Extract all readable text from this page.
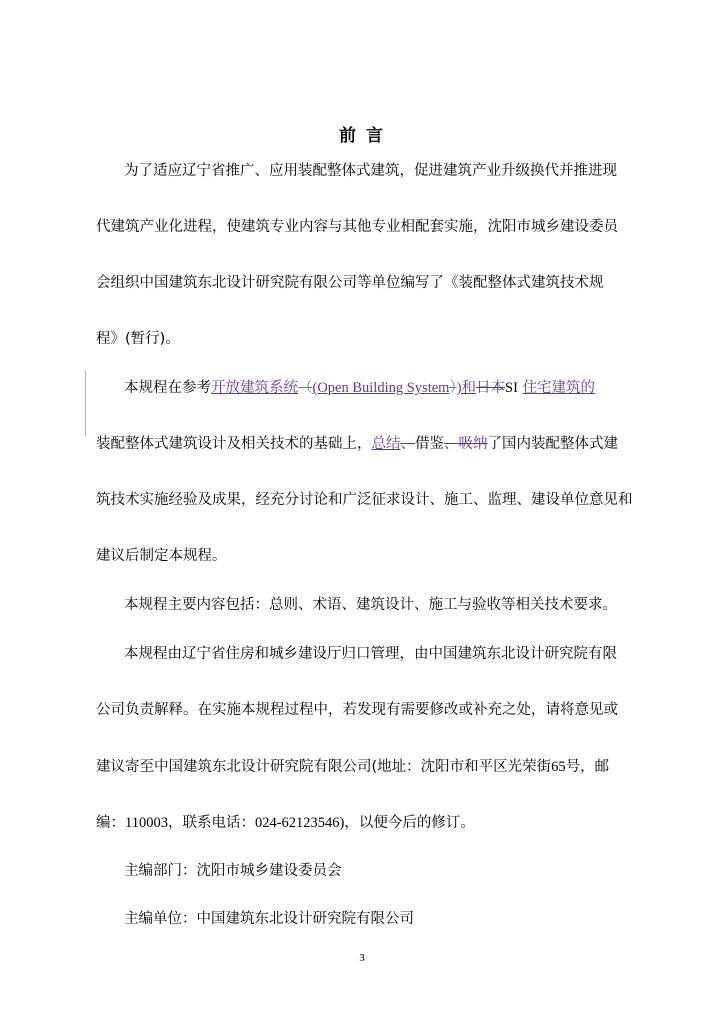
前 言
为了适应辽宁省推广、应用装配整体式建筑，促进建筑产业升级换代并推进现
代建筑产业化进程，使建筑专业内容与其他专业相配套实施，沈阳市城乡建设委员
会组织中国建筑东北设计研究院有限公司等单位编写了《装配整体式建筑技术规
程》(暂行)。
本规程在参考开放建筑系统（(Open Building System）)和日本SI 住宅建筑的
装配整体式建筑设计及相关技术的基础上，总结、借鉴、吸纳了国内装配整体式建
筑技术实施经验及成果，经充分讨论和广泛征求设计、施工、监理、建设单位意见和
建议后制定本规程。
本规程主要内容包括：总则、术语、建筑设计、施工与验收等相关技术要求。
本规程由辽宁省住房和城乡建设厅归口管理，由中国建筑东北设计研究院有限
公司负责解释。在实施本规程过程中，若发现有需要修改或补充之处，请将意见或
建议寄至中国建筑东北设计研究院有限公司(地址：沈阳市和平区光荣街65号，邮
编：110003，联系电话：024-62123546)，以便今后的修订。
主编部门：沈阳市城乡建设委员会
主编单位：中国建筑东北设计研究院有限公司
3
